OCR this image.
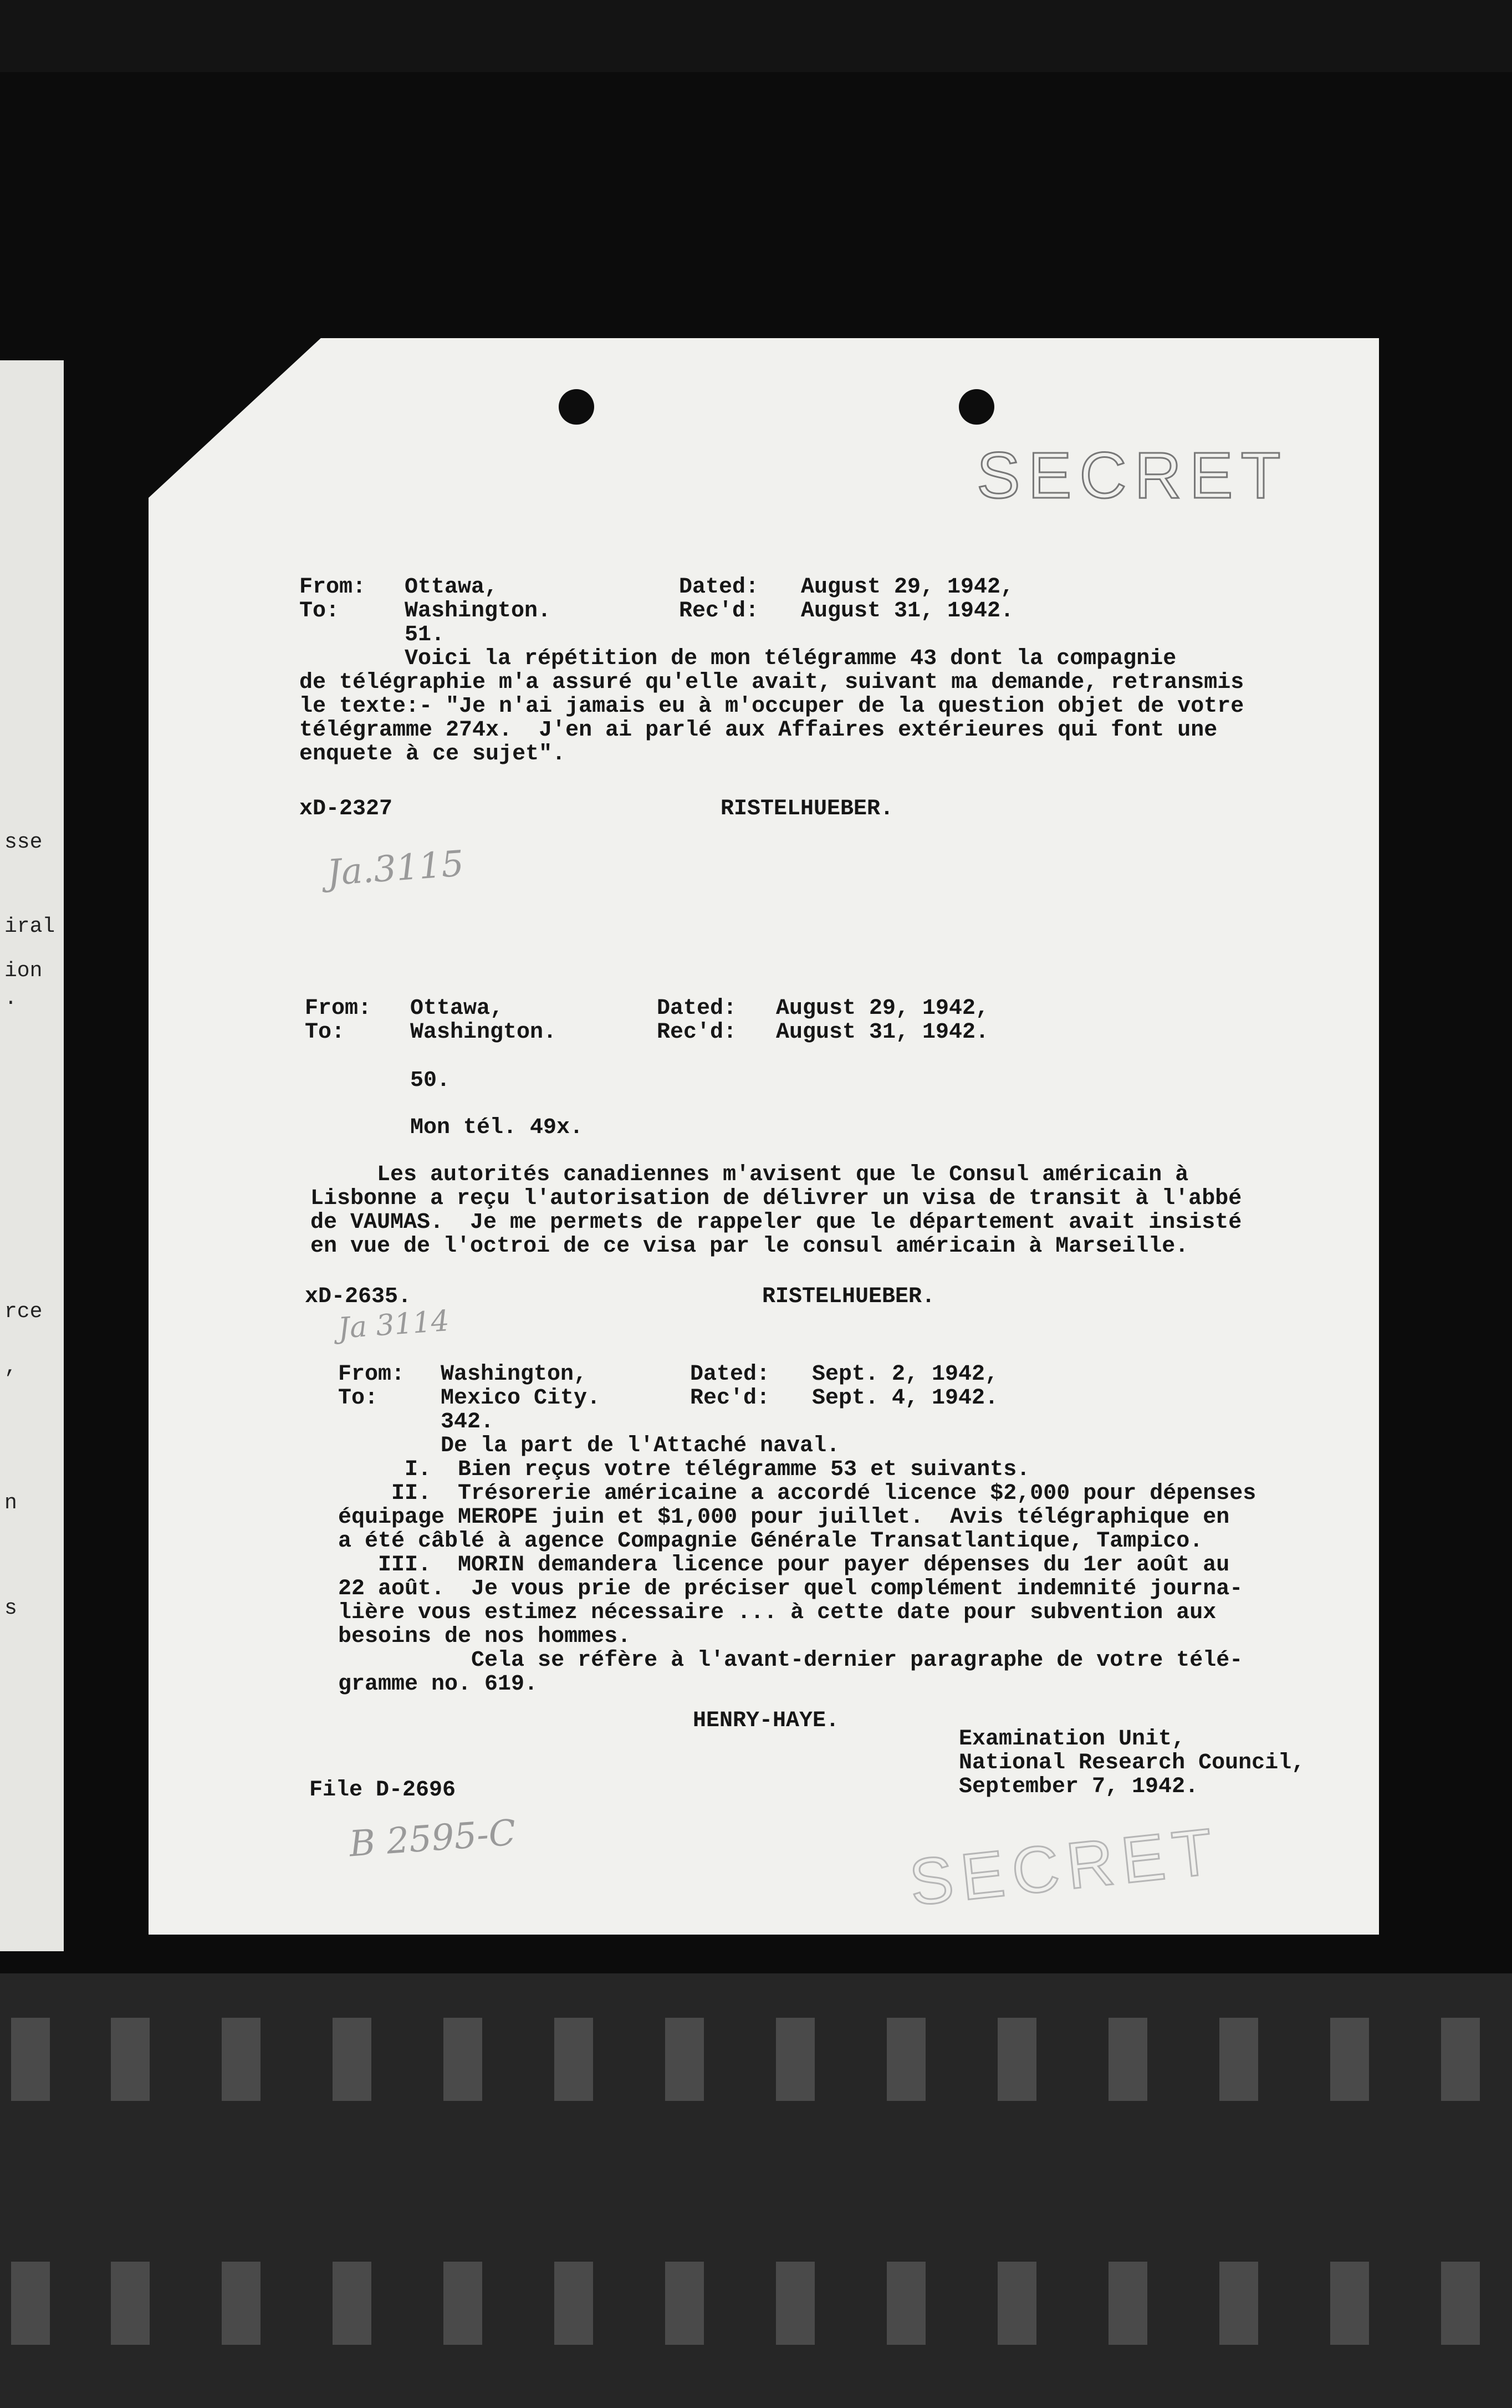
sse
iral
ion
.
rce
,
n
s
SECRET
From: Ottawa,	Dated: August 29, 1942,
To:	Washington.	Rec'd: August 31, 1942.
51.
Voici la répétition de mon télégramme 43 dont la compagnie
de télégraphie m'a assuré qu'elle avait, suivant ma demande, retransmis
le texte:- "Je n'ai jamais eu à m'occuper de la question objet de votre
télégramme 274x.  J'en ai parlé aux Affaires extérieures qui font une
enquete à ce sujet".
xD-2327	RISTELHUEBER.
Ja.3115
From: Ottawa,	Dated: August 29, 1942,
To:	Washington.	Rec'd: August 31, 1942.
50.
Mon tél. 49x.
Les autorités canadiennes m'avisent que le Consul américain à
Lisbonne a reçu l'autorisation de délivrer un visa de transit à l'abbé
de VAUMAS.  Je me permets de rappeler que le département avait insisté
en vue de l'octroi de ce visa par le consul américain à Marseille.
xD-2635.	RISTELHUEBER.
Ja 3114
From: Washington,	Dated: Sept. 2, 1942,
To:	Mexico City.	Rec'd: Sept. 4, 1942.
342.
De la part de l'Attaché naval.
I.  Bien reçus votre télégramme 53 et suivants.
II.  Trésorerie américaine a accordé licence $2,000 pour dépenses
équipage MEROPE juin et $1,000 pour juillet.  Avis télégraphique en
a été câblé à agence Compagnie Générale Transatlantique, Tampico.
III.  MORIN demandera licence pour payer dépenses du 1er août au
22 août.  Je vous prie de préciser quel complément indemnité journa-
lière vous estimez nécessaire ... à cette date pour subvention aux
besoins de nos hommes.
Cela se réfère à l'avant-dernier paragraphe de votre télé-
gramme no. 619.
HENRY-HAYE.
Examination Unit,
National Research Council,
September 7, 1942.
File D-2696
B 2595-C	SECRET
